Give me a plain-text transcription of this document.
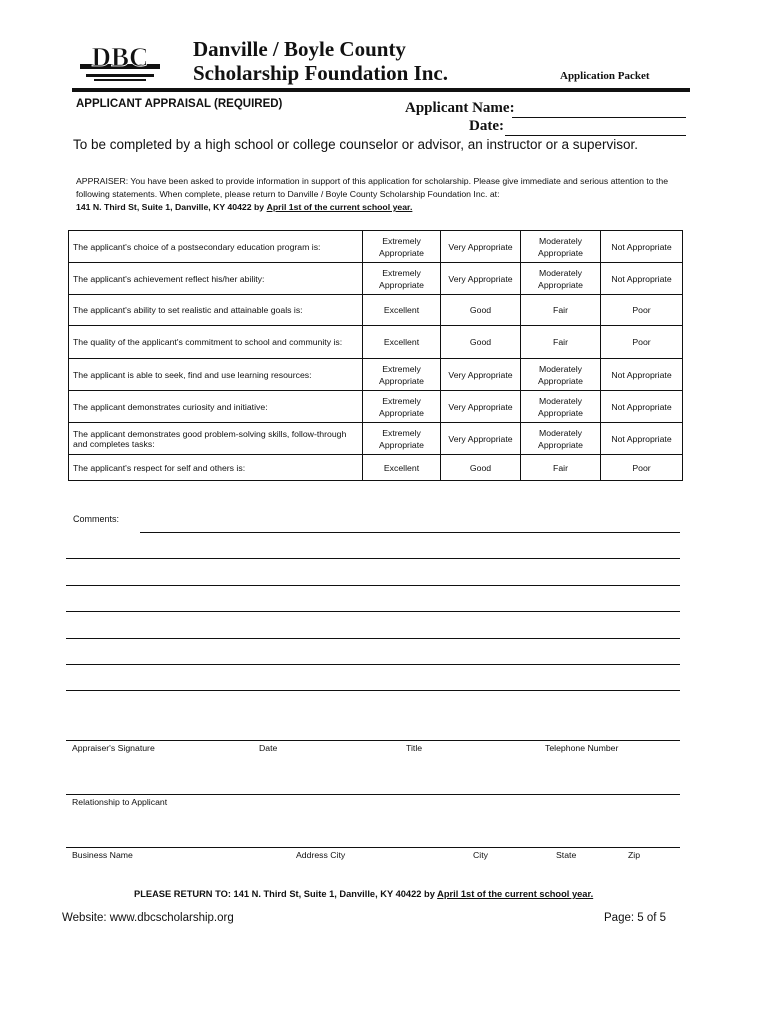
DBC Danville / Boyle County
Scholarship Foundation Inc.	Application Packet
APPLICANT APPRAISAL (REQUIRED)	Applicant Name:
Date:
To be completed by a high school or college counselor or advisor, an instructor or a supervisor.
APPRAISER: You have been asked to provide information in support of this application for scholarship. Please give immediate and serious attention to the following statements. When complete, please return to Danville / Boyle County Scholarship Foundation Inc. at:
141 N. Third St, Suite 1, Danville, KY 40422 by April 1st of the current school year.
The applicant's choice of a postsecondary education program is:	Extremely Appropriate	Very Appropriate	Moderately Appropriate	Not Appropriate
The applicant's achievement reflect his/her ability:	Extremely Appropriate	Very Appropriate	Moderately Appropriate	Not Appropriate
The applicant's ability to set realistic and attainable goals is:	Excellent	Good	Fair	Poor
The quality of the applicant's commitment to school and community is:	Excellent	Good	Fair	Poor
The applicant is able to seek, find and use learning resources:	Extremely Appropriate	Very Appropriate	Moderately Appropriate	Not Appropriate
The applicant demonstrates curiosity and initiative:	Extremely Appropriate	Very Appropriate	Moderately Appropriate	Not Appropriate
The applicant demonstrates good problem-solving skills, follow-through and completes tasks:	Extremely Appropriate	Very Appropriate	Moderately Appropriate	Not Appropriate
The applicant's respect for self and others is:	Excellent	Good	Fair	Poor
Comments:
Appraiser's Signature	Date	Title	Telephone Number
Relationship to Applicant
Business Name	Address City	City	State	Zip
PLEASE RETURN TO: 141 N. Third St, Suite 1, Danville, KY 40422 by April 1st of the current school year.
Website: www.dbcscholarship.org	Page: 5 of 5
